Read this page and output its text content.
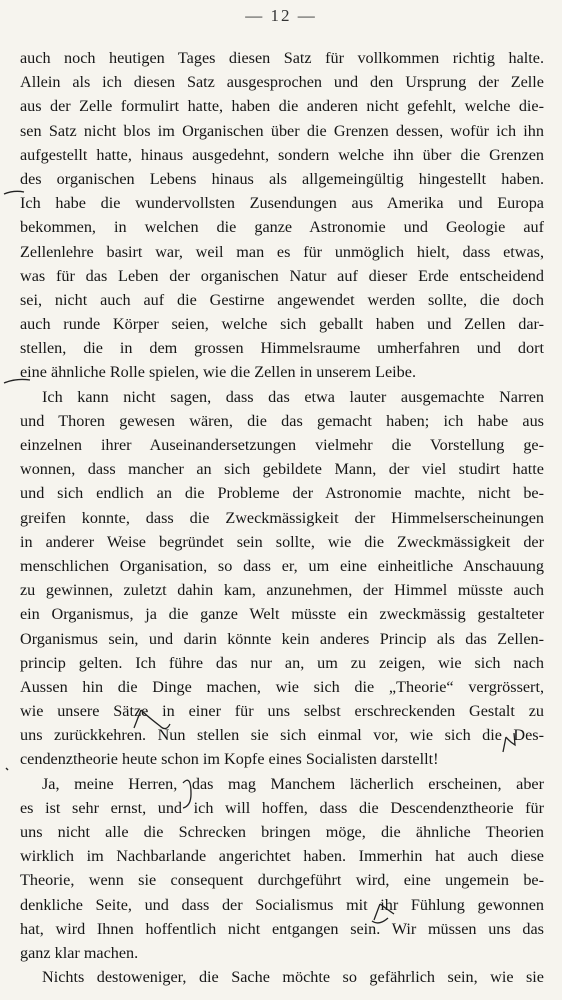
— 12 —
auch noch heutigen Tages diesen Satz für vollkommen richtig halte.
Allein als ich diesen Satz ausgesprochen und den Ursprung der Zelle
aus der Zelle formulirt hatte, haben die anderen nicht gefehlt, welche die-
sen Satz nicht blos im Organischen über die Grenzen dessen, wofür ich ihn
aufgestellt hatte, hinaus ausgedehnt, sondern welche ihn über die Grenzen
des organischen Lebens hinaus als allgemeingültig hingestellt haben.
Ich habe die wundervollsten Zusendungen aus Amerika und Europa
bekommen, in welchen die ganze Astronomie und Geologie auf
Zellenlehre basirt war, weil man es für unmöglich hielt, dass etwas,
was für das Leben der organischen Natur auf dieser Erde entscheidend
sei, nicht auch auf die Gestirne angewendet werden sollte, die doch
auch runde Körper seien, welche sich geballt haben und Zellen dar-
stellen, die in dem grossen Himmelsraume umherfahren und dort
eine ähnliche Rolle spielen, wie die Zellen in unserem Leibe.
Ich kann nicht sagen, dass das etwa lauter ausgemachte Narren
und Thoren gewesen wären, die das gemacht haben; ich habe aus
einzelnen ihrer Auseinandersetzungen vielmehr die Vorstellung ge-
wonnen, dass mancher an sich gebildete Mann, der viel studirt hatte
und sich endlich an die Probleme der Astronomie machte, nicht be-
greifen konnte, dass die Zweckmässigkeit der Himmelserscheinungen
in anderer Weise begründet sein sollte, wie die Zweckmässigkeit der
menschlichen Organisation, so dass er, um eine einheitliche Anschauung
zu gewinnen, zuletzt dahin kam, anzunehmen, der Himmel müsste auch
ein Organismus, ja die ganze Welt müsste ein zweckmässig gestalteter
Organismus sein, und darin könnte kein anderes Princip als das Zellen-
princip gelten. Ich führe das nur an, um zu zeigen, wie sich nach
Aussen hin die Dinge machen, wie sich die „Theorie“ vergrössert,
wie unsere Sätze in einer für uns selbst erschreckenden Gestalt zu
uns zurückkehren. Nun stellen sie sich einmal vor, wie sich die Des-
cendenztheorie heute schon im Kopfe eines Socialisten darstellt!
Ja, meine Herren, das mag Manchem lächerlich erscheinen, aber
es ist sehr ernst, und ich will hoffen, dass die Descendenztheorie für
uns nicht alle die Schrecken bringen möge, die ähnliche Theorien
wirklich im Nachbarlande angerichtet haben. Immerhin hat auch diese
Theorie, wenn sie consequent durchgeführt wird, eine ungemein be-
denkliche Seite, und dass der Socialismus mit ihr Fühlung gewonnen
hat, wird Ihnen hoffentlich nicht entgangen sein. Wir müssen uns das
ganz klar machen.
Nichts destoweniger, die Sache möchte so gefährlich sein, wie sie
